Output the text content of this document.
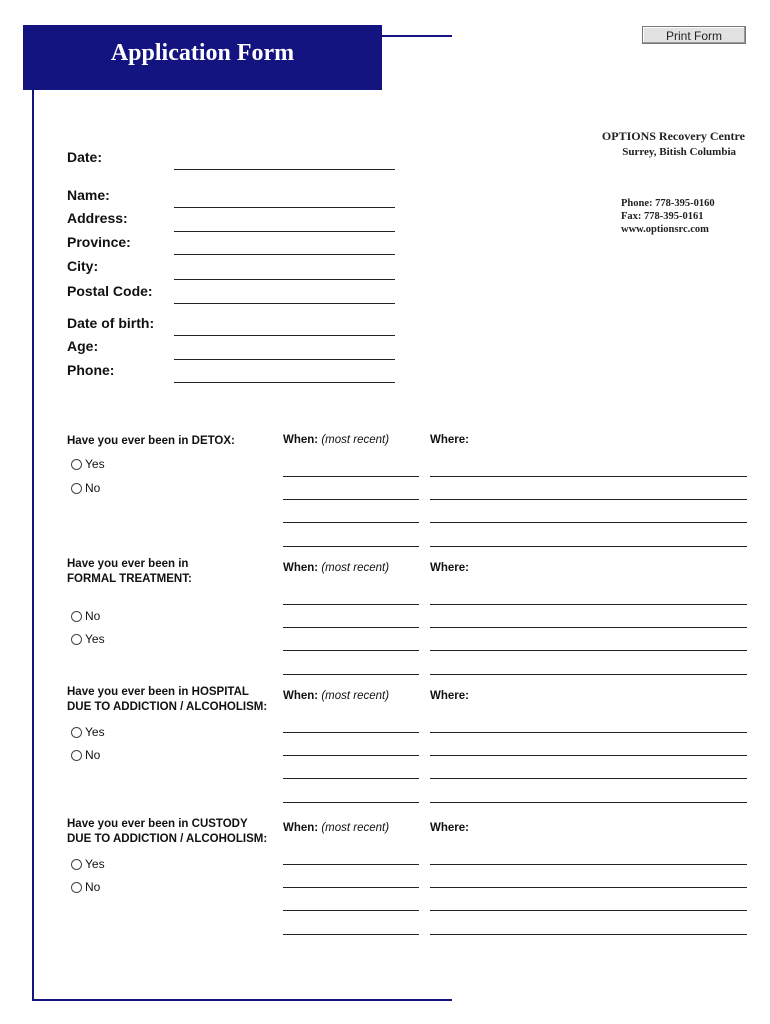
Application Form
Print Form
OPTIONS Recovery Centre
Surrey, Bitish Columbia
Phone: 778-395-0160
Fax: 778-395-0161
www.optionsrc.com
Date:
Name:
Address:
Province:
City:
Postal Code:
Date of birth:
Age:
Phone:
Have you ever been in DETOX:	When: (most recent)	Where:
Yes
No
Have you ever been in
FORMAL TREATMENT:
When: (most recent)	Where:
No
Yes
Have you ever been in HOSPITAL
DUE TO ADDICTION / ALCOHOLISM:
When: (most recent)	Where:
Yes
No
Have you ever been in CUSTODY
DUE TO ADDICTION / ALCOHOLISM:
When: (most recent)	Where:
Yes
No
